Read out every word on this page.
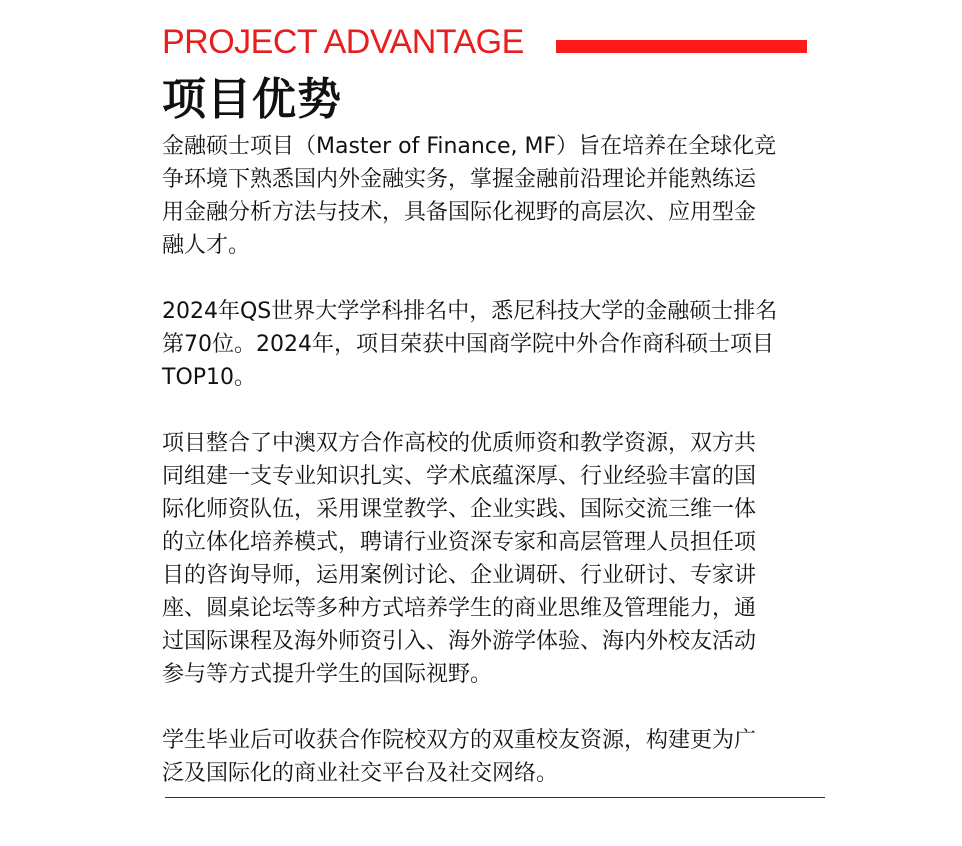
PROJECT ADVANTAGE
项目优势

金融硕士项目（Master of Finance, MF）旨在培养在全球化竞
争环境下熟悉国内外金融实务，掌握金融前沿理论并能熟练运
用金融分析方法与技术，具备国际化视野的高层次、应用型金
融人才。

2024年QS世界大学学科排名中，悉尼科技大学的金融硕士排名
第70位。2024年，项目荣获中国商学院中外合作商科硕士项目
TOP10。

项目整合了中澳双方合作高校的优质师资和教学资源，双方共
同组建一支专业知识扎实、学术底蕴深厚、行业经验丰富的国
际化师资队伍，采用课堂教学、企业实践、国际交流三维一体
的立体化培养模式，聘请行业资深专家和高层管理人员担任项
目的咨询导师，运用案例讨论、企业调研、行业研讨、专家讲
座、圆桌论坛等多种方式培养学生的商业思维及管理能力，通
过国际课程及海外师资引入、海外游学体验、海内外校友活动
参与等方式提升学生的国际视野。

学生毕业后可收获合作院校双方的双重校友资源，构建更为广
泛及国际化的商业社交平台及社交网络。
